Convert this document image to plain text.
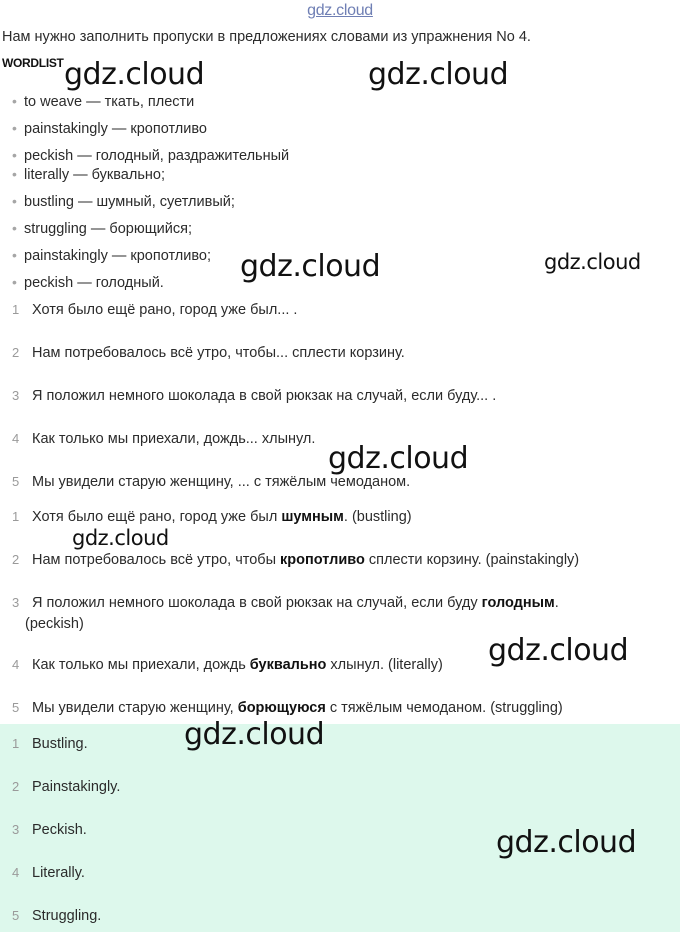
gdz.cloud
Нам нужно заполнить пропуски в предложениях словами из упражнения No 4.
WORDLIST
• to weave — ткать, плести
• painstakingly — кропотливо
• peckish — голодный, раздражительный
• literally — буквально;
• bustling — шумный, суетливый;
• struggling — борющийся;
• painstakingly — кропотливо;
• peckish — голодный.
1 Хотя было ещё рано, город уже был... .
2 Нам потребовалось всё утро, чтобы... сплести корзину.
3 Я положил немного шоколада в свой рюкзак на случай, если буду... .
4 Как только мы приехали, дождь... хлынул.
5 Мы увидели старую женщину, ... с тяжёлым чемоданом.
1 Хотя было ещё рано, город уже был шумным. (bustling)
2 Нам потребовалось всё утро, чтобы кропотливо сплести корзину. (painstakingly)
3 Я положил немного шоколада в свой рюкзак на случай, если буду голодным.
(peckish)
4 Как только мы приехали, дождь буквально хлынул. (literally)
5 Мы увидели старую женщину, борющуюся с тяжёлым чемоданом. (struggling)
1 Bustling.
2 Painstakingly.
3 Peckish.
4 Literally.
5 Struggling.
gdz.cloud	gdz.cloud
gdz.cloud	gdz.cloud
gdz.cloud
gdz.cloud
gdz.cloud
gdz.cloud
gdz.cloud
